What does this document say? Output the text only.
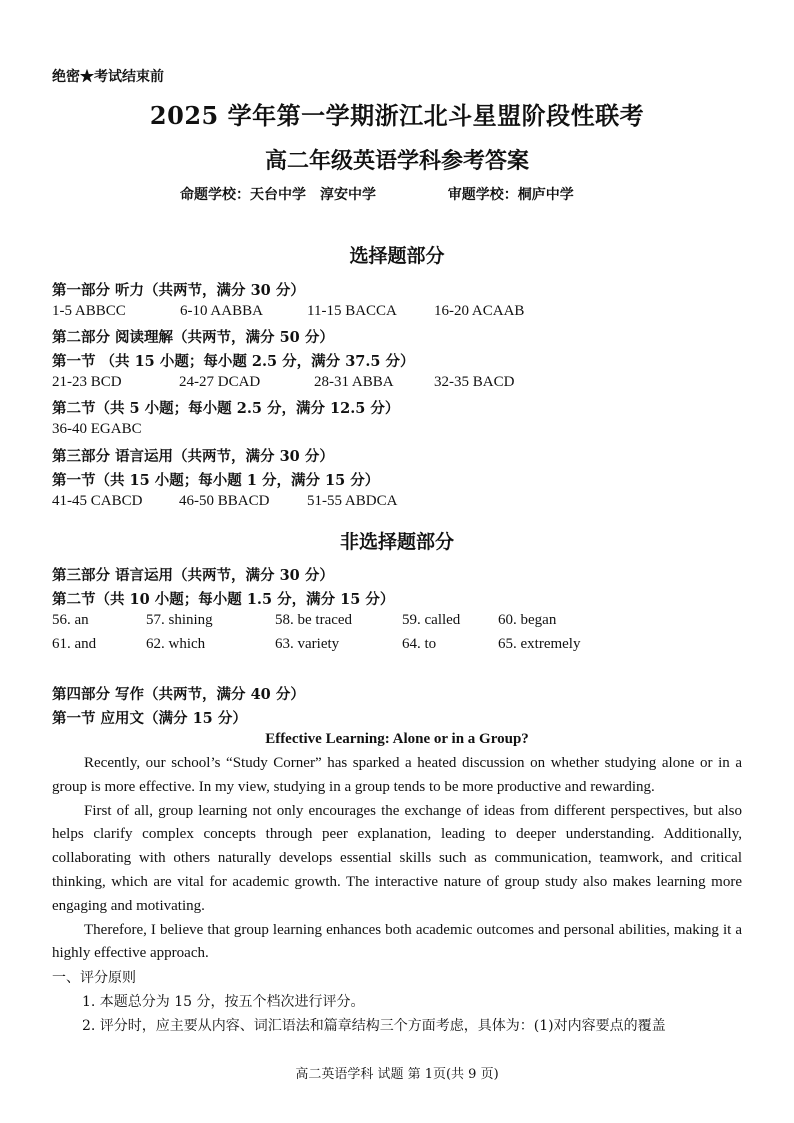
绝密★考试结束前
2025 学年第一学期浙江北斗星盟阶段性联考
高二年级英语学科参考答案
命题学校：天台中学　淳安中学	审题学校：桐庐中学
选择题部分
第一部分 听力（共两节，满分 30 分）
1-5 ABBCC	6-10 AABBA	11-15 BACCA 16-20 ACAAB
第二部分 阅读理解（共两节，满分 50 分）
第一节 （共 15 小题；每小题 2.5 分，满分 37.5 分）
21-23 BCD	24-27 DCAD	28-31 ABBA	32-35 BACD
第二节（共 5 小题；每小题 2.5 分，满分 12.5 分）
36-40 EGABC
第三部分 语言运用（共两节，满分 30 分）
第一节（共 15 小题；每小题 1 分，满分 15 分）
41-45 CABCD 46-50 BBACD	51-55 ABDCA
非选择题部分
第三部分 语言运用（共两节，满分 30 分）
第二节（共 10 小题；每小题 1.5 分，满分 15 分）
56. an	57. shining	58. be traced	59. called	60. began
61. and	62. which	63. variety	64. to	65. extremely
第四部分 写作（共两节，满分 40 分）
第一节 应用文（满分 15 分）
Effective Learning: Alone or in a Group?

Recently, our school’s “Study Corner” has sparked a heated discussion on whether studying alone or in a group is more effective. In my view, studying in a group tends to be more productive and rewarding.

First of all, group learning not only encourages the exchange of ideas from different perspectives, but also helps clarify complex concepts through peer explanation, leading to deeper understanding. Additionally, collaborating with others naturally develops essential skills such as communication, teamwork, and critical thinking, which are vital for academic growth. The interactive nature of group study also makes learning more engaging and motivating.

Therefore, I believe that group learning enhances both academic outcomes and personal abilities, making it a highly effective approach.

一、评分原则
1. 本题总分为 15 分，按五个档次进行评分。
2. 评分时，应主要从内容、词汇语法和篇章结构三个方面考虑，具体为：(1)对内容要点的覆盖
高二英语学科 试题 第 1页(共 9 页)
